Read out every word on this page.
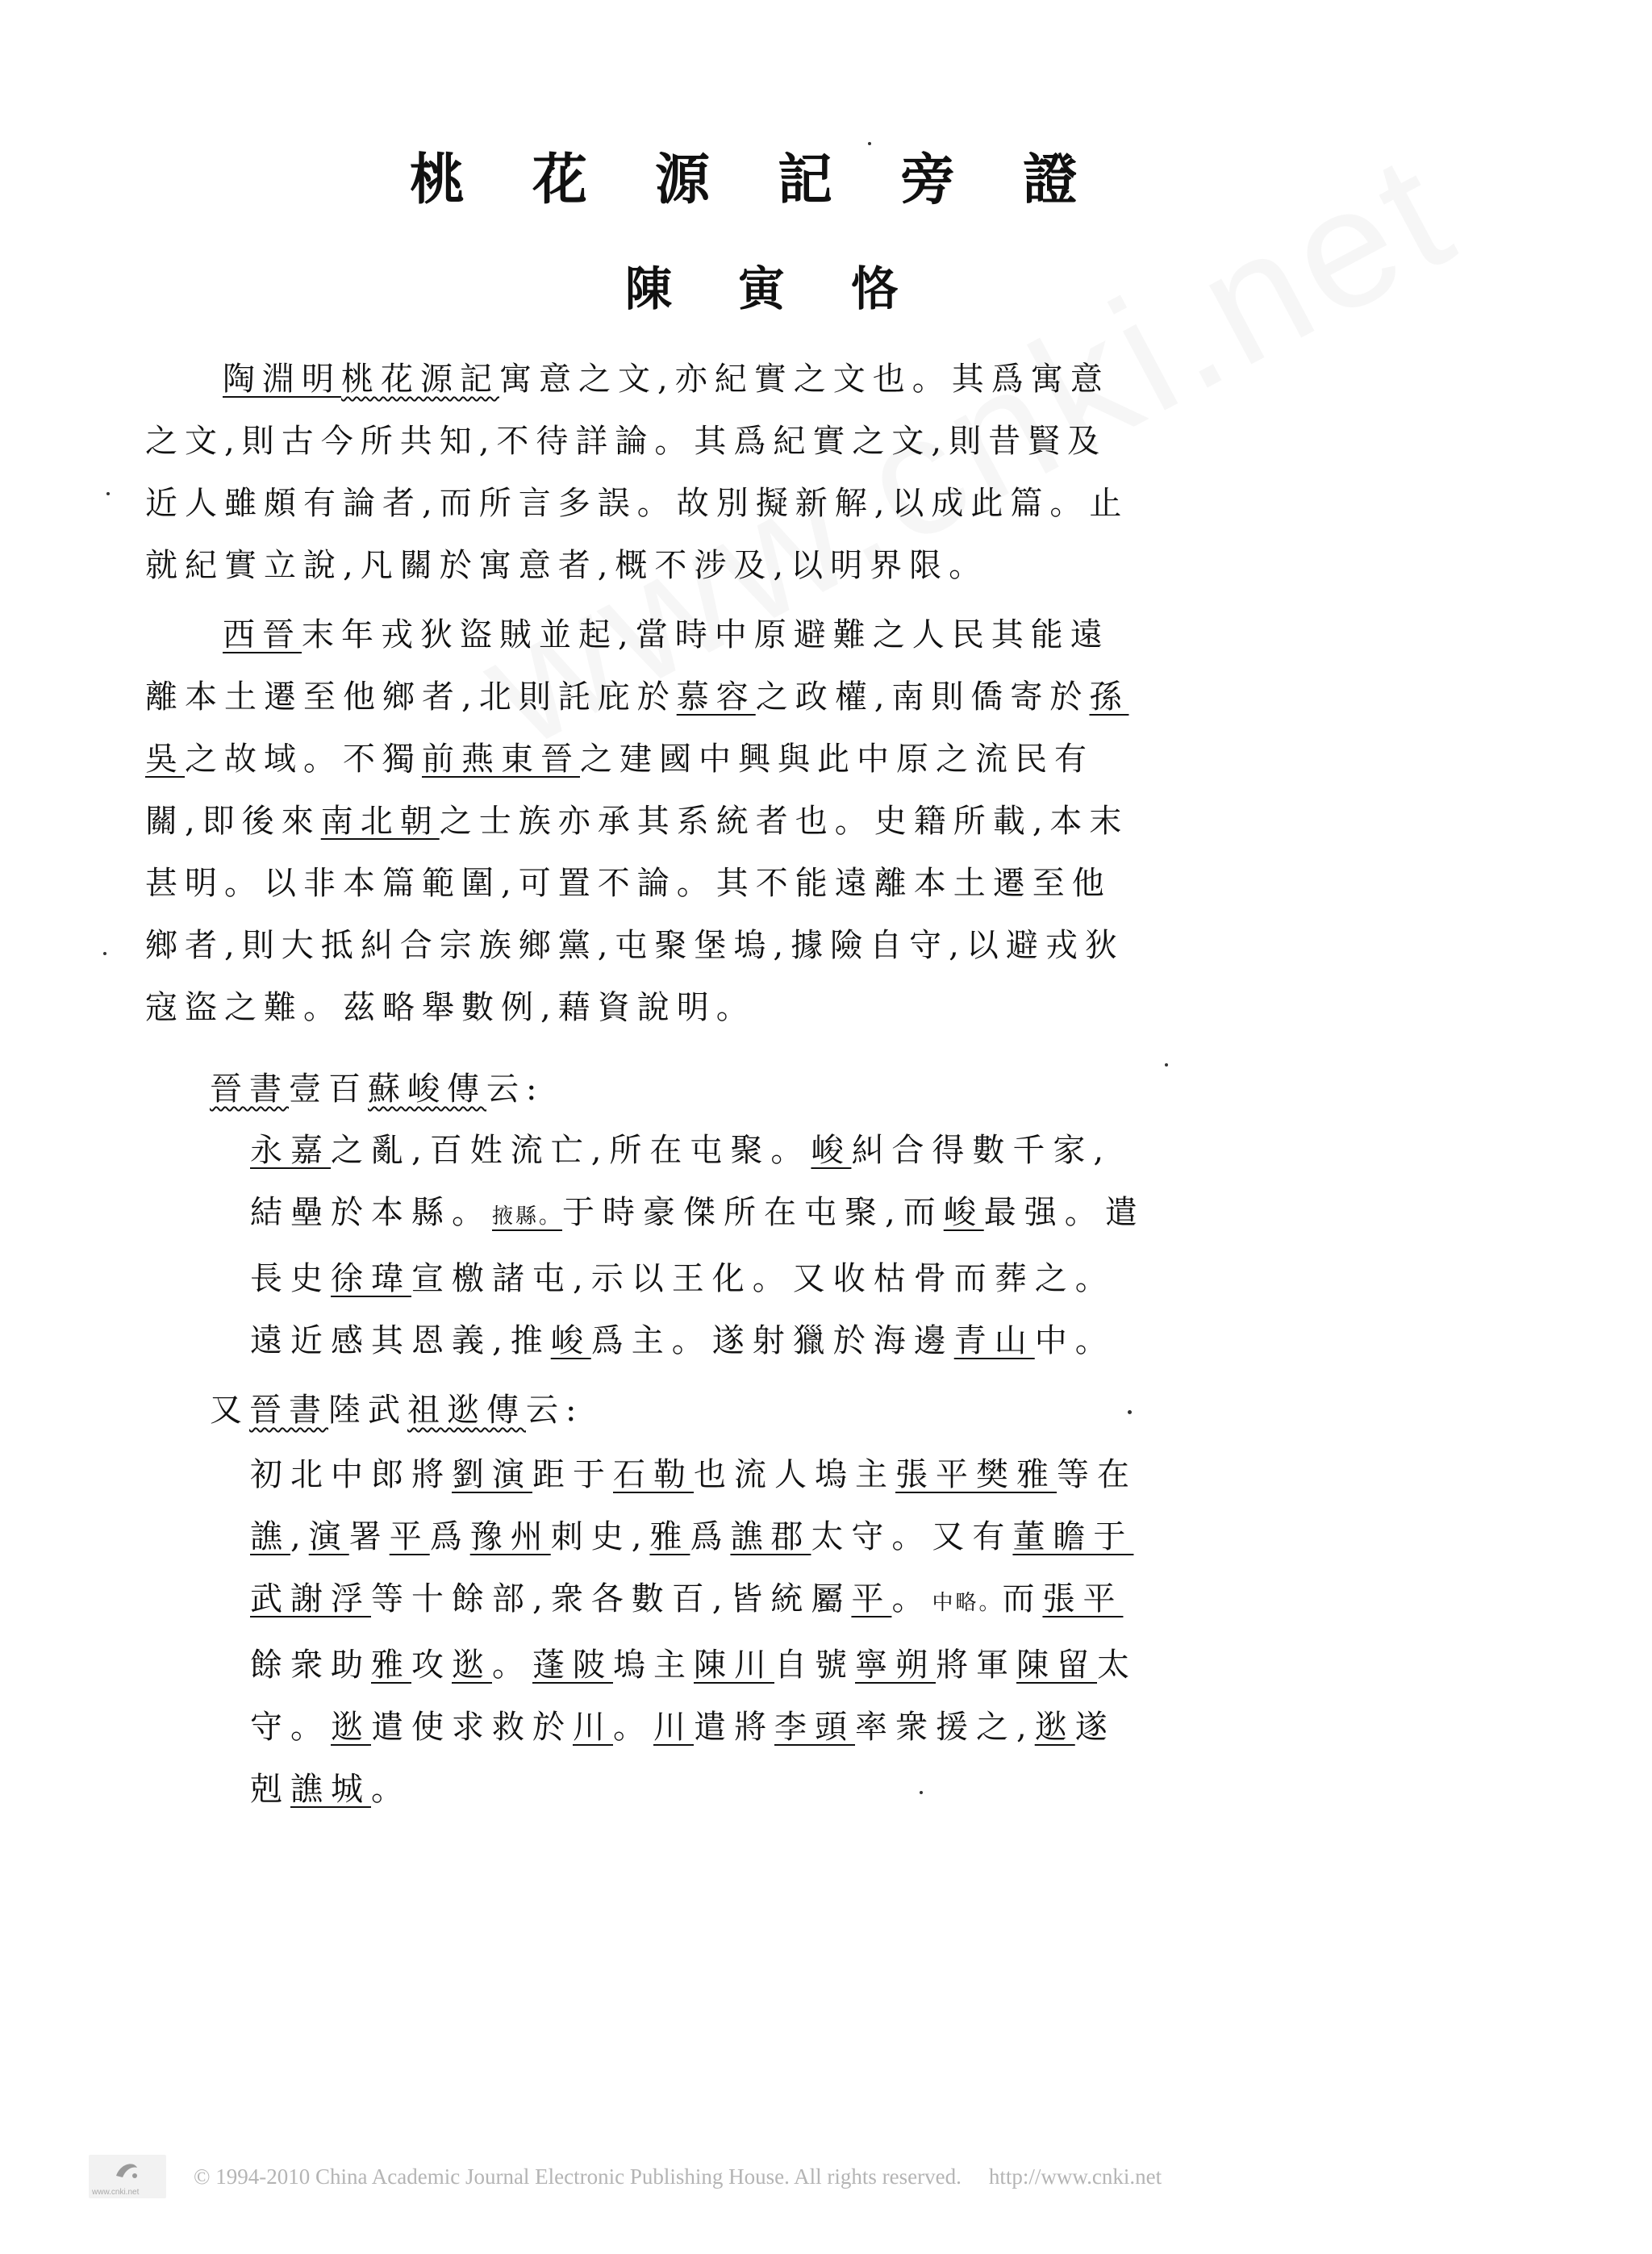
桃花源記旁證
陳寅恪

陶淵明桃花源記寓意之文,亦紀實之文也。其爲寓意之文,則古今所共知,不待詳論。其爲紀實之文,則昔賢及近人雖頗有論者,而所言多誤。故別擬新解,以成此篇。止就紀實立說,凡關於寓意者,概不涉及,以明界限。

西晉末年戎狄盜賊並起,當時中原避難之人民其能遠離本土遷至他鄉者,北則託庇於慕容之政權,南則僑寄於孫吳之故域。不獨前燕東晉之建國中興與此中原之流民有關,即後來南北朝之士族亦承其系統者也。史籍所載,本末甚明。以非本篇範圍,可置不論。其不能遠離本土遷至他鄉者,則大抵糾合宗族鄉黨,屯聚堡塢,據險自守,以避戎狄寇盜之難。茲略舉數例,藉資說明。

晉書壹百蘇峻傳云:

永嘉之亂,百姓流亡,所在屯聚。峻糾合得數千家,結壘於本縣。掖縣。于時豪傑所在屯聚,而峻最强。遣長史徐瑋宣檄諸屯,示以王化。又收枯骨而葬之。遠近感其恩義,推峻爲主。遂射獵於海邊青山中。

又晉書陸武祖逖傳云:

初北中郎將劉演距于石勒也流人塢主張平樊雅等在譙,演署平爲豫州刺史,雅爲譙郡太守。又有董瞻于武謝浮等十餘部,衆各數百,皆統屬平。中略。而張平餘衆助雅攻逖。蓬陂塢主陳川自號寧朔將軍陳留太守。逖遣使求救於川。川遣將李頭率衆援之,逖遂剋譙城。

www.cnki.net
© 1994-2010 China Academic Journal Electronic Publishing House. All rights reserved. http://www.cnki.net
